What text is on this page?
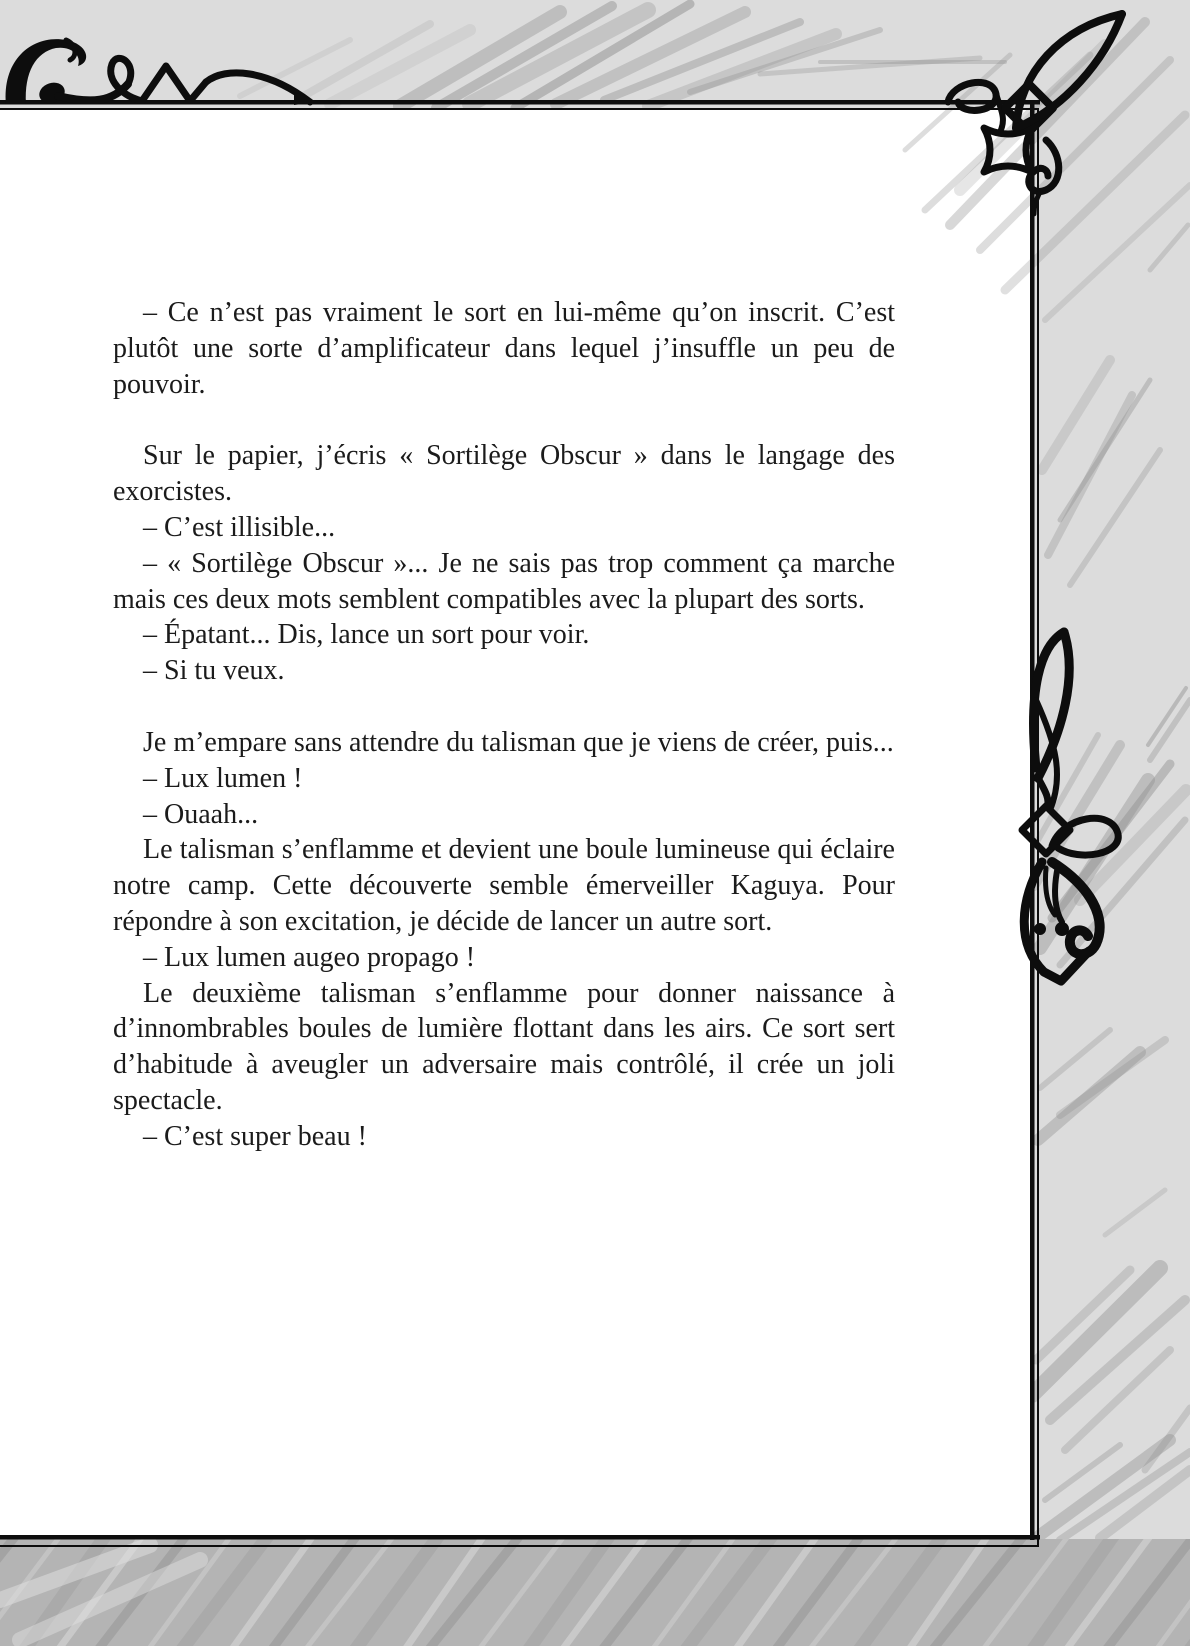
– Ce n’est pas vraiment le sort en lui-même qu’on inscrit. C’est plutôt une sorte d’amplificateur dans lequel j’insuffle un peu de pouvoir.

Sur le papier, j’écris « Sortilège Obscur » dans le langage des exorcistes.

– C’est illisible...

– « Sortilège Obscur »... Je ne sais pas trop comment ça marche mais ces deux mots semblent compatibles avec la plupart des sorts.

– Épatant... Dis, lance un sort pour voir.

– Si tu veux.

Je m’empare sans attendre du talisman que je viens de créer, puis...

– Lux lumen !

– Ouaah...

Le talisman s’enflamme et devient une boule lumineuse qui éclaire notre camp. Cette découverte semble émerveiller Kaguya. Pour répondre à son excitation, je décide de lancer un autre sort.

– Lux lumen augeo propago !

Le deuxième talisman s’enflamme pour donner naissance à d’innombrables boules de lumière flottant dans les airs. Ce sort sert d’habitude à aveugler un adversaire mais contrôlé, il crée un joli spectacle.

– C’est super beau !
